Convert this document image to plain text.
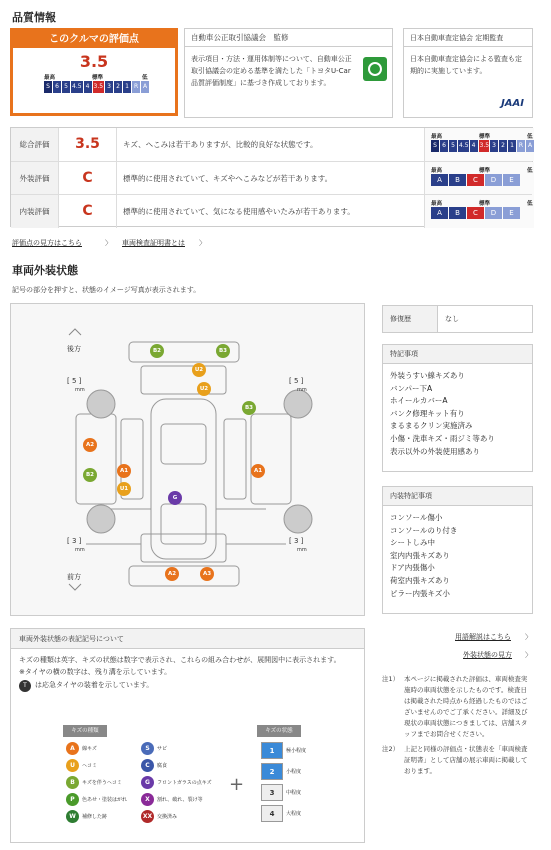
品質情報
このクルマの評価点
3.5
最高	標準	低
S 6 5 4.5 4 3.5 3 2 1 R A
自動車公正取引協議会　監修
表示項目・方法・運用体制等について、自動車公正取引協議会の定める基準を満たした「トヨタU-Car品質評価制度」に基づき作成しております。
日本自動車査定協会 定期監査
日本自動車査定協会による監査も定期的に実施しています。
JAAI
総合評価	3.5	キズ、へこみは若干ありますが、比較的良好な状態です。
最高	標準	低
S 6 5 4.5 4 3.5 3 2 1 R A
外装評価	C	標準的に使用されていて、キズやへこみなどが若干あります。
最高	標準	低
A	B	C	D	E
内装評価	C	標準的に使用されていて、気になる使用感やいたみが若干あります。
最高	標準	低
A	B	C	D	E
評価点の見方はこちら	〉 車両検査証明書とは 〉
車両外装状態
記号の部分を押すと、状態のイメージ写真が表示されます。
後方
前方
[ 5 ]
mm
[ 5 ]
mm
[ 3 ]
mm
[ 3 ]
mm
B2	B3
U2
U2
B3
A2
A1	A1
B2
U1
G
A2	A3
修復歴	なし
特記事項
外装うすい線キズあり
バンパー下A
ホイールカバーA
バンク修理キット有り
まるまるクリン実施済み
小傷・洗車キズ・雨ジミ等あり
表示以外の外装使用感あり
内装特記事項
コンソール傷小
コンソールのり付き
シートしみ中
室内内張キズあり
ドア内張傷小
荷室内張キズあり
ピラー内張キズ小
車両外装状態の表記記号について
キズの種類は英字、キズの状態は数字で表示され、これらの組み合わせが、展開図中に表示されます。
※タイヤの横の数字は、残り溝を示しています。
T	は応急タイヤの装着を示しています。
キズの種類	キズの状態
+
A	線キズ
U	ヘコミ
B	キズを伴うヘコミ
P	色あせ・塗装はがれ
W	補修した跡
S	サビ
C	腐食
G	フロントガラスの点キズ
X	割れ、破れ、裂け等
XX 交換済み
1	極小程度
2	小程度
3	中程度
4	大程度
用語解説はこちら 〉
外装状態の見方 〉
注1） 本ページに掲載された評価は、車両検査実施時の車両状態を示したものです。検査日は掲載された時点から経過したものではございませんのでご了承ください。詳細及び現状の車両状態につきましては、店舗スタッフまでお問合せください。
注2） 上記と同様の評価点・状態表を「車両検査証明書」として店舗の展示車両に掲載しております。
